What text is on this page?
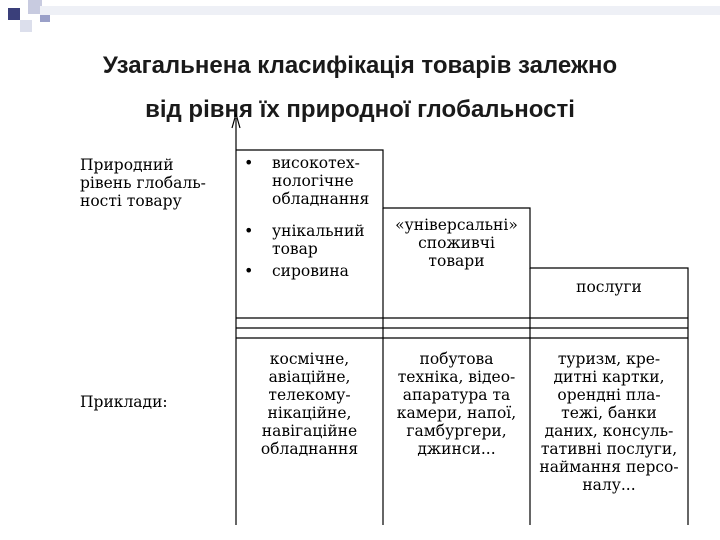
Узагальнена класифікація товарів залежно
від рівня їх природної глобальності
Природний
рівень глобаль-
ності товару
Приклади:
• високотех-
нологічне
обладнання
• унікальний
товар
• сировина
«універсальні»
споживчі
товари
послуги
космічне,
авіаційне,
телекому-
нікаційне,
навігаційне
обладнання
побутова
техніка, відео-
апаратура та
камери, напої,
гамбургери,
джинси...
туризм, кре-
дитні картки,
орендні пла-
тежі, банки
даних, консуль-
тативні послуги,
наймання персо-
налу...
